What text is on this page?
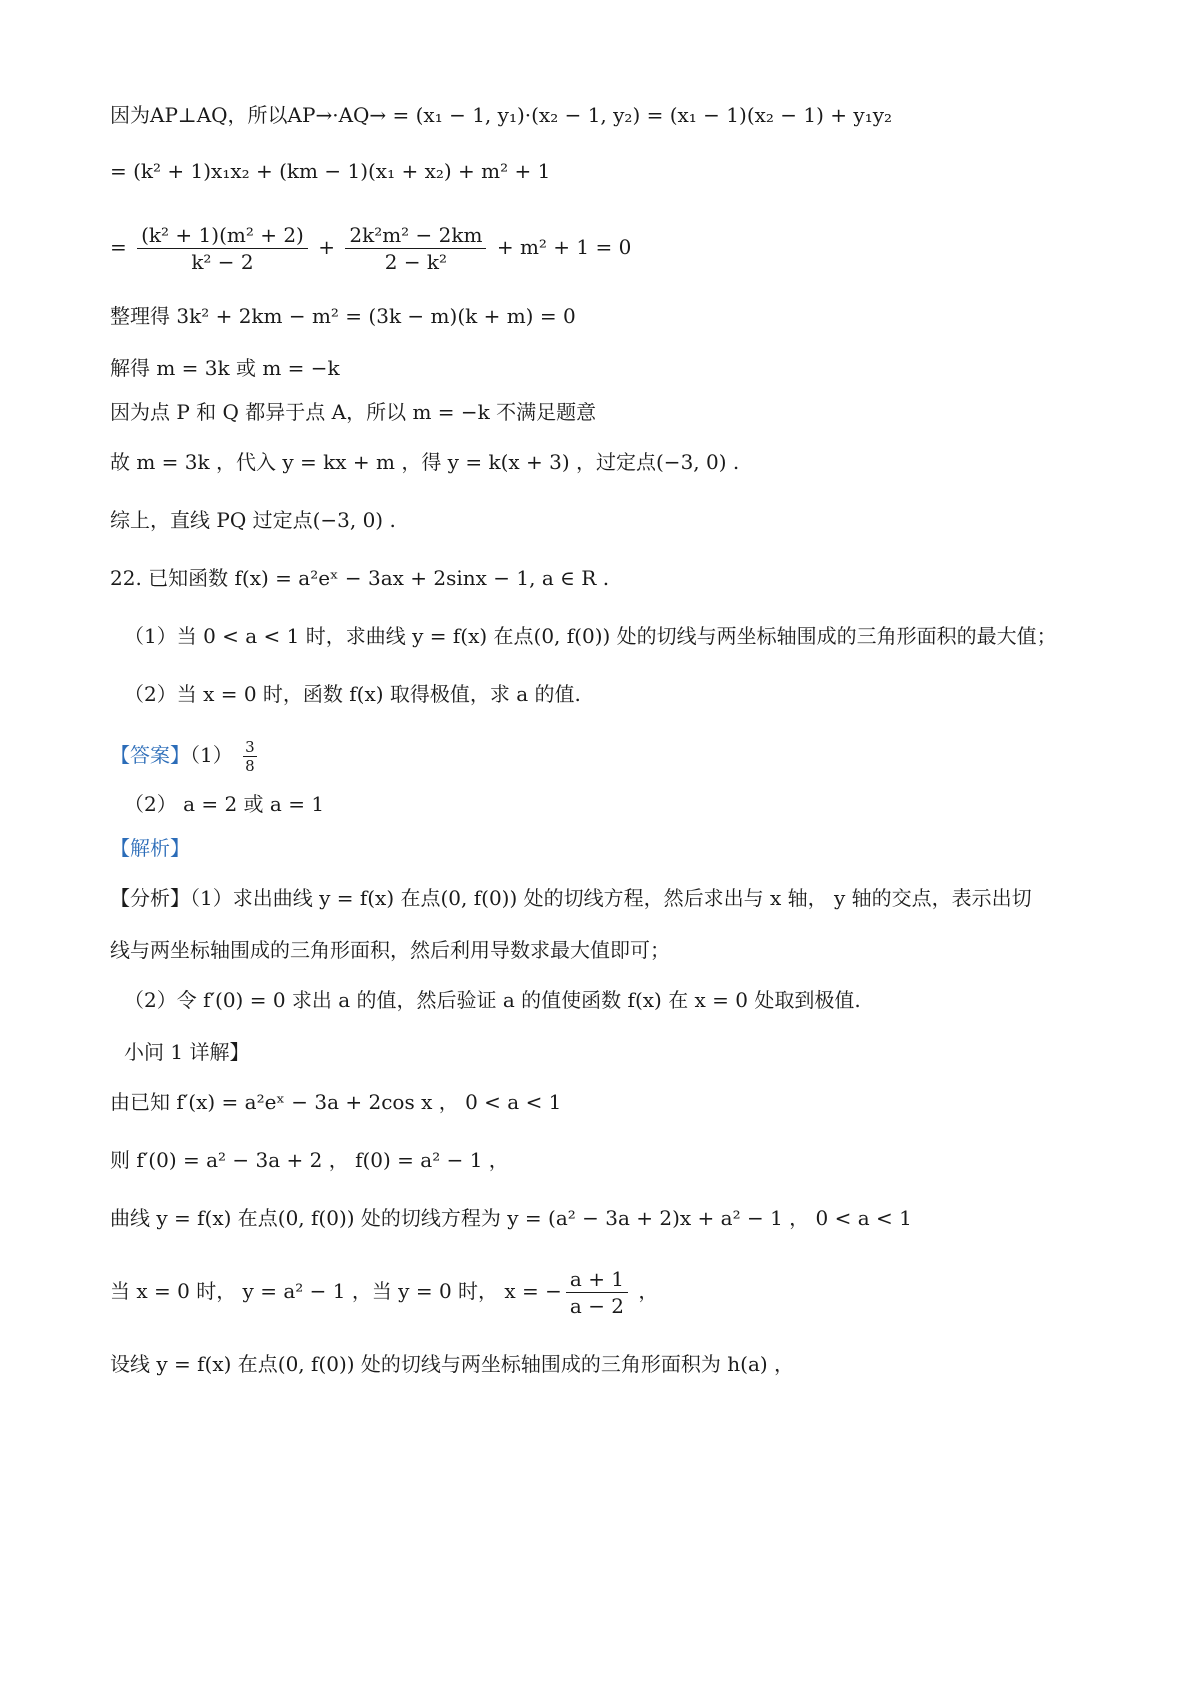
因为AP⊥AQ，所以AP→·AQ→ = (x₁ − 1, y₁)·(x₂ − 1, y₂) = (x₁ − 1)(x₂ − 1) + y₁y₂
= (k² + 1)x₁x₂ + (km − 1)(x₁ + x₂) + m² + 1
= $\frac{\text{(k² + 1)(m² + 2)}}{\text{k² − 2}} + \frac{\text{2k²m² − 2km}}{\text{2 − k²}} + m^2 + 1 = 0$
整理得 3k² + 2km − m² = (3k − m)(k + m) = 0
解得 m = 3k 或 m = −k
因为点 P 和 Q 都异于点 A，所以 m = −k 不满足题意
故 m = 3k ，代入 y = kx + m ，得 y = k(x + 3) ，过定点(−3, 0) .
综上，直线 PQ 过定点(−3, 0) .
22. 已知函数 f(x) = a²eˣ − 3ax + 2sinx − 1, a ∈ R .
（1）当 0 < a < 1 时，求曲线 y = f(x) 在点(0, f(0)) 处的切线与两坐标轴围成的三角形面积的最大值；
（2）当 x = 0 时，函数 f(x) 取得极值，求 a 的值.
【答案】$(1) \frac{3}{8}$
（2） a = 2 或 a = 1
【解析】
【分析】（1）求出曲线 y = f(x) 在点(0, f(0)) 处的切线方程，然后求出与 x 轴， y 轴的交点，表示出切
线与两坐标轴围成的三角形面积，然后利用导数求最大值即可；
（2）令 f′(0) = 0 求出 a 的值，然后验证 a 的值使函数 f(x) 在 x = 0 处取到极值.
小问 1 详解】
由已知 f′(x) = a²eˣ − 3a + 2cos x ， 0 < a < 1
则 f′(0) = a² − 3a + 2 ， f(0) = a² − 1 ，
曲线 y = f(x) 在点(0, f(0)) 处的切线方程为 y = (a² − 3a + 2)x + a² − 1 ， 0 < a < 1
当 x = 0 时， y = a² − 1 ，当 y = 0 时， x = − $\frac{a + 1}{a - 2}$ ，
设线 y = f(x) 在点(0, f(0)) 处的切线与两坐标轴围成的三角形面积为 h(a) ，
